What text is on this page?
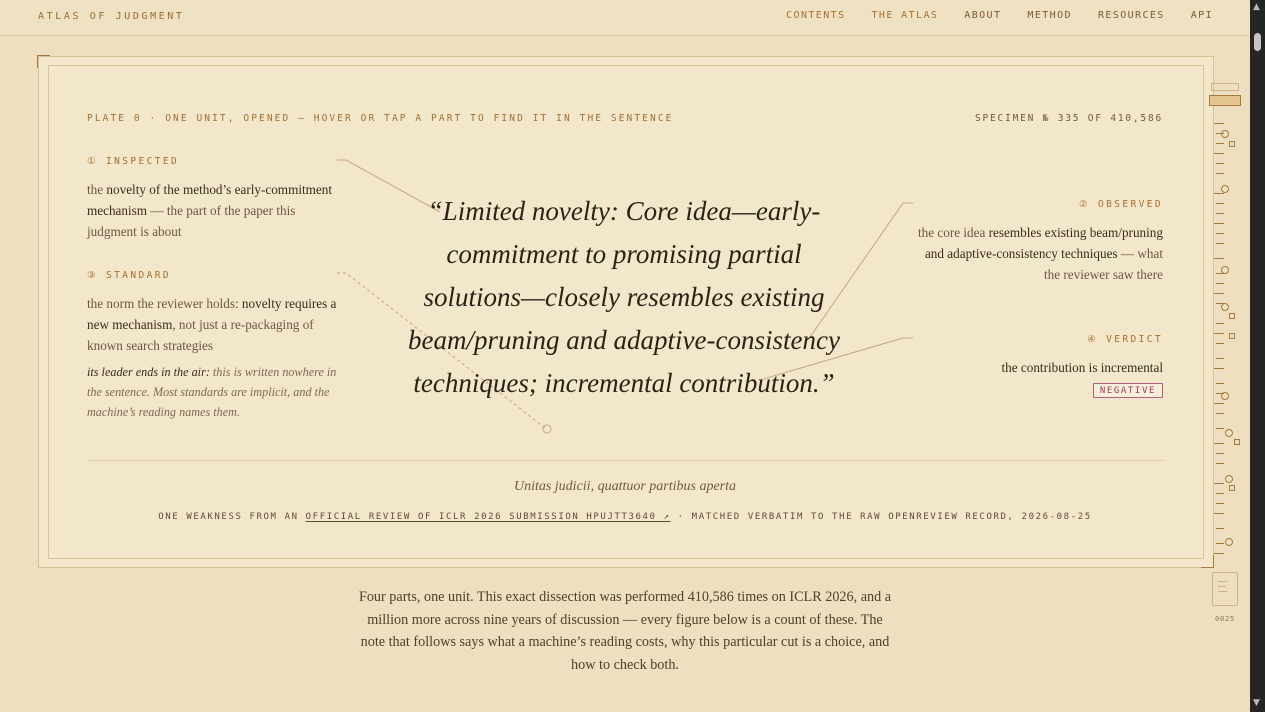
ATLAS OF JUDGMENT	CONTENTS	THE ATLAS	ABOUT	METHOD	RESOURCES	API
PLATE 0 · ONE UNIT, OPENED — HOVER OR TAP A PART TO FIND IT IN THE SENTENCE	SPECIMEN № 335 OF 410,586
① INSPECTED
the novelty of the method’s early-commitment mechanism — the part of the paper this judgment is about
③ STANDARD
the norm the reviewer holds: novelty requires a new mechanism, not just a re-packaging of known search strategies
its leader ends in the air: this is written nowhere in the sentence. Most standards are implicit, and the machine’s reading names them.
② OBSERVED
the core idea resembles existing beam/pruning and adaptive-consistency techniques — what the reviewer saw there
④ VERDICT
the contribution is incremental
NEGATIVE
“Limited novelty: Core idea—early-commitment to promising partial solutions—closely resembles existing beam/pruning and adaptive-consistency techniques; incremental contribution.”
Unitas judicii, quattuor partibus aperta
ONE WEAKNESS FROM AN OFFICIAL REVIEW OF ICLR 2026 SUBMISSION HPUJTT3640 ↗ · MATCHED VERBATIM TO THE RAW OPENREVIEW RECORD, 2026-08-25
Four parts, one unit. This exact dissection was performed 410,586 times on ICLR 2026, and a million more across nine years of discussion — every figure below is a count of these. The note that follows says what a machine’s reading costs, why this particular cut is a choice, and how to check both.
0025
▲
▼
